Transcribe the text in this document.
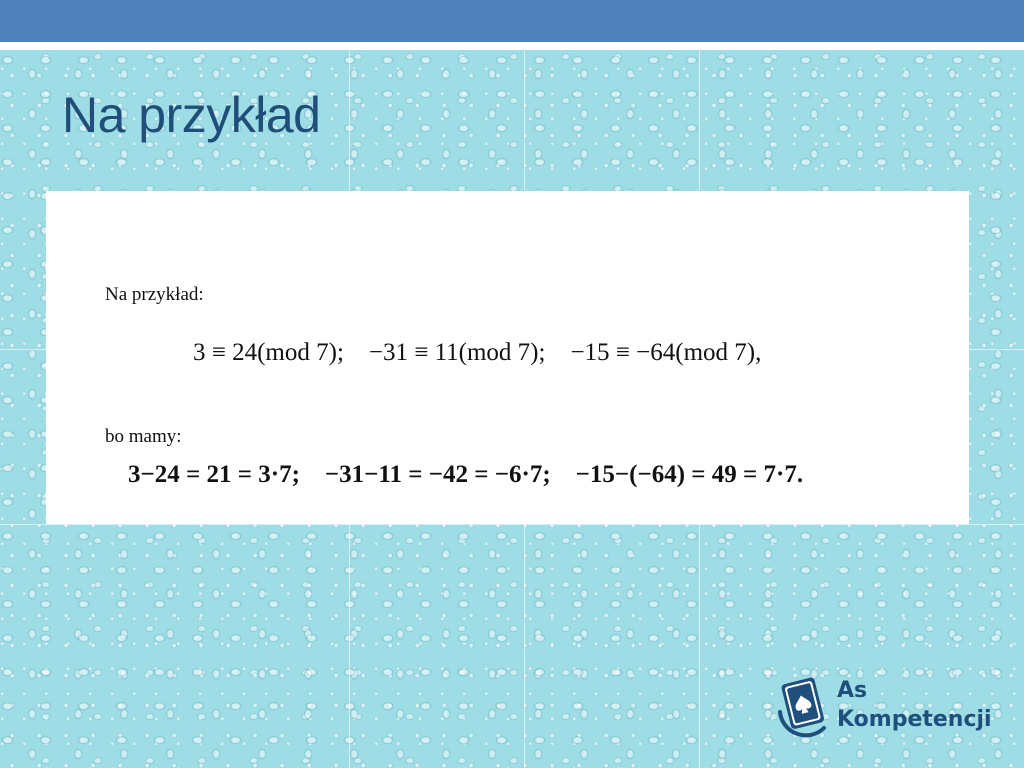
Na przykład
Na przykład:
3 ≡ 24(mod 7);    −31 ≡ 11(mod 7);    −15 ≡ −64(mod 7),
bo mamy:
3−24 = 21 = 3·7;    −31−11 = −42 = −6·7;    −15−(−64) = 49 = 7·7.
As
Kompetencji
